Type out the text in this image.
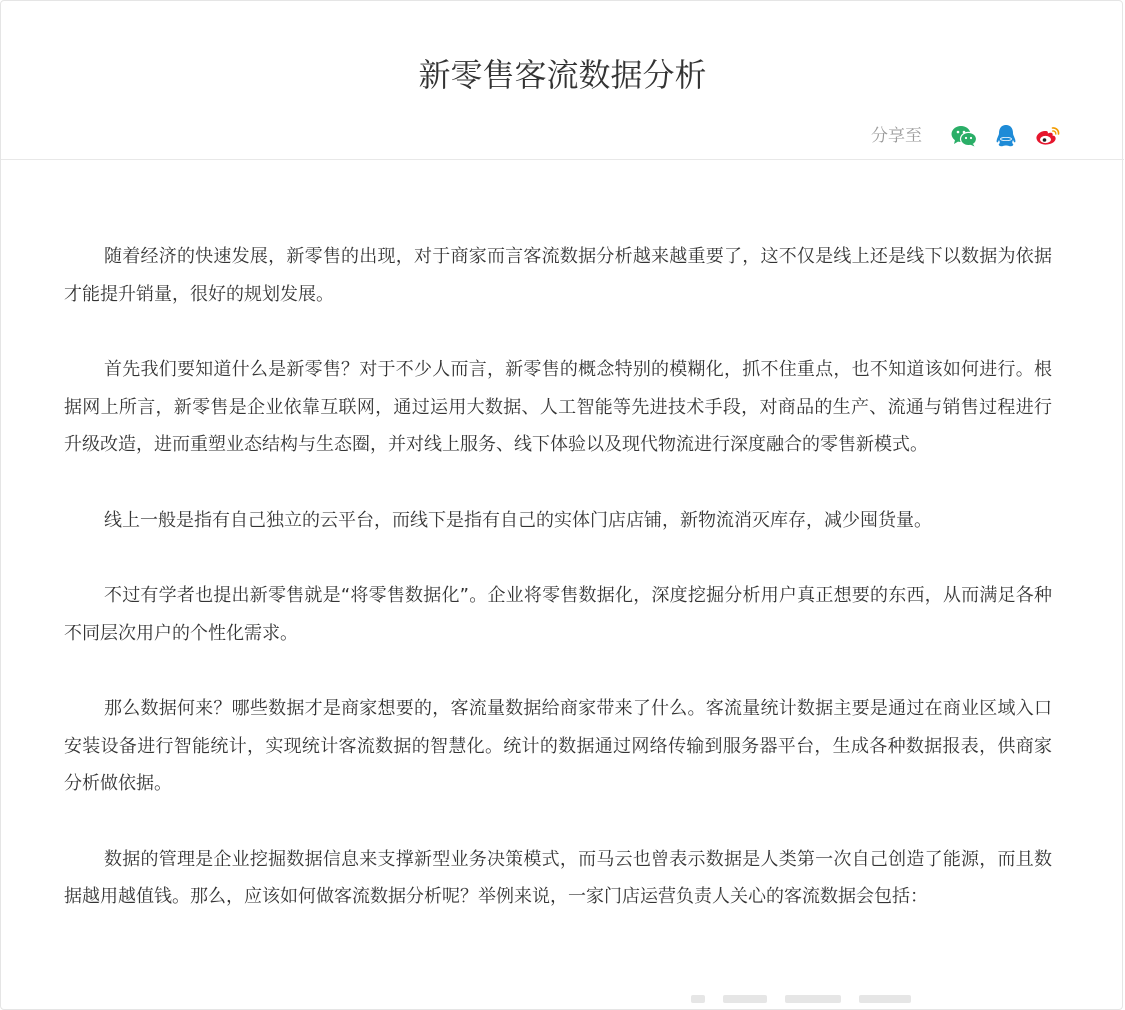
新零售客流数据分析
分享至

随着经济的快速发展，新零售的出现，对于商家而言客流数据分析越来越重要了，这不仅是线上还是线下以数据为依据才能提升销量，很好的规划发展。

首先我们要知道什么是新零售？对于不少人而言，新零售的概念特别的模糊化，抓不住重点，也不知道该如何进行。根据网上所言，新零售是企业依靠互联网，通过运用大数据、人工智能等先进技术手段，对商品的生产、流通与销售过程进行升级改造，进而重塑业态结构与生态圈，并对线上服务、线下体验以及现代物流进行深度融合的零售新模式。

线上一般是指有自己独立的云平台，而线下是指有自己的实体门店店铺，新物流消灭库存，减少囤货量。

不过有学者也提出新零售就是“将零售数据化”。企业将零售数据化，深度挖掘分析用户真正想要的东西，从而满足各种不同层次用户的个性化需求。

那么数据何来？哪些数据才是商家想要的，客流量数据给商家带来了什么。客流量统计数据主要是通过在商业区域入口安装设备进行智能统计，实现统计客流数据的智慧化。统计的数据通过网络传输到服务器平台，生成各种数据报表，供商家分析做依据。

数据的管理是企业挖掘数据信息来支撑新型业务决策模式，而马云也曾表示数据是人类第一次自己创造了能源，而且数据越用越值钱。那么，应该如何做客流数据分析呢？举例来说，一家门店运营负责人关心的客流数据会包括：
